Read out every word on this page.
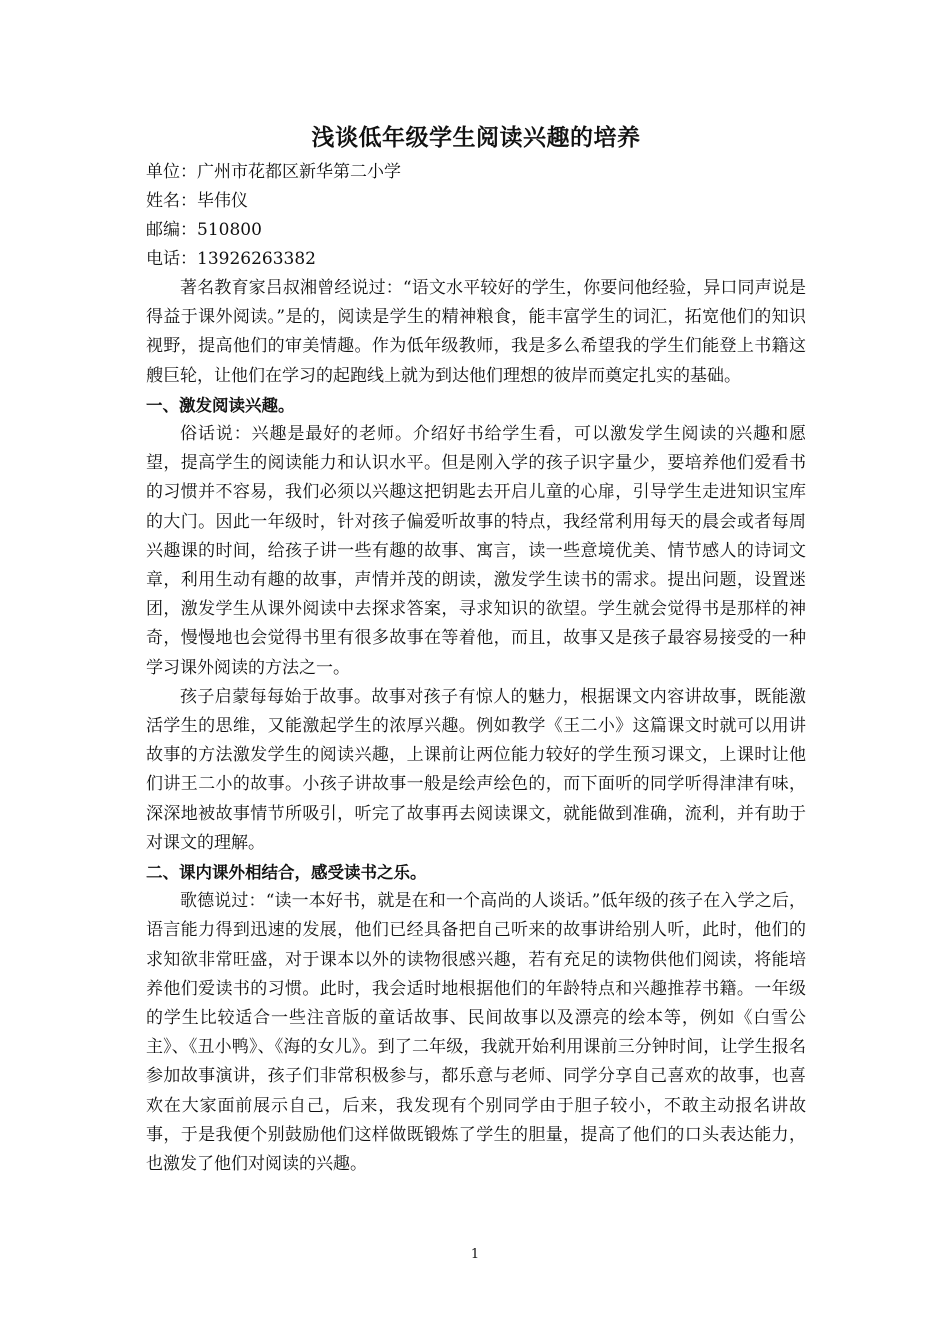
浅谈低年级学生阅读兴趣的培养

单位：广州市花都区新华第二小学

姓名：毕伟仪

邮编：510800

电话：13926263382

著名教育家吕叔湘曾经说过：“语文水平较好的学生，你要问他经验，异口同声说是得益于课外阅读。”是的，阅读是学生的精神粮食，能丰富学生的词汇，拓宽他们的知识视野，提高他们的审美情趣。作为低年级教师，我是多么希望我的学生们能登上书籍这艘巨轮，让他们在学习的起跑线上就为到达他们理想的彼岸而奠定扎实的基础。

一、激发阅读兴趣。

俗话说：兴趣是最好的老师。介绍好书给学生看，可以激发学生阅读的兴趣和愿望，提高学生的阅读能力和认识水平。但是刚入学的孩子识字量少，要培养他们爱看书的习惯并不容易，我们必须以兴趣这把钥匙去开启儿童的心扉，引导学生走进知识宝库的大门。因此一年级时，针对孩子偏爱听故事的特点，我经常利用每天的晨会或者每周兴趣课的时间，给孩子讲一些有趣的故事、寓言，读一些意境优美、情节感人的诗词文章，利用生动有趣的故事，声情并茂的朗读，激发学生读书的需求。提出问题，设置迷团，激发学生从课外阅读中去探求答案，寻求知识的欲望。学生就会觉得书是那样的神奇，慢慢地也会觉得书里有很多故事在等着他，而且，故事又是孩子最容易接受的一种学习课外阅读的方法之一。

孩子启蒙每每始于故事。故事对孩子有惊人的魅力，根据课文内容讲故事，既能激活学生的思维，又能激起学生的浓厚兴趣。例如教学《王二小》这篇课文时就可以用讲故事的方法激发学生的阅读兴趣，上课前让两位能力较好的学生预习课文，上课时让他们讲王二小的故事。小孩子讲故事一般是绘声绘色的，而下面听的同学听得津津有味，深深地被故事情节所吸引，听完了故事再去阅读课文，就能做到准确，流利，并有助于对课文的理解。

二、课内课外相结合，感受读书之乐。

歌德说过：“读一本好书，就是在和一个高尚的人谈话。”低年级的孩子在入学之后，语言能力得到迅速的发展，他们已经具备把自己听来的故事讲给别人听，此时，他们的求知欲非常旺盛，对于课本以外的读物很感兴趣，若有充足的读物供他们阅读，将能培养他们爱读书的习惯。此时，我会适时地根据他们的年龄特点和兴趣推荐书籍。一年级的学生比较适合一些注音版的童话故事、民间故事以及漂亮的绘本等，例如《白雪公主》、《丑小鸭》、《海的女儿》。到了二年级，我就开始利用课前三分钟时间，让学生报名参加故事演讲，孩子们非常积极参与，都乐意与老师、同学分享自己喜欢的故事，也喜欢在大家面前展示自己，后来，我发现有个别同学由于胆子较小，不敢主动报名讲故事，于是我便个别鼓励他们这样做既锻炼了学生的胆量，提高了他们的口头表达能力，也激发了他们对阅读的兴趣。

1
